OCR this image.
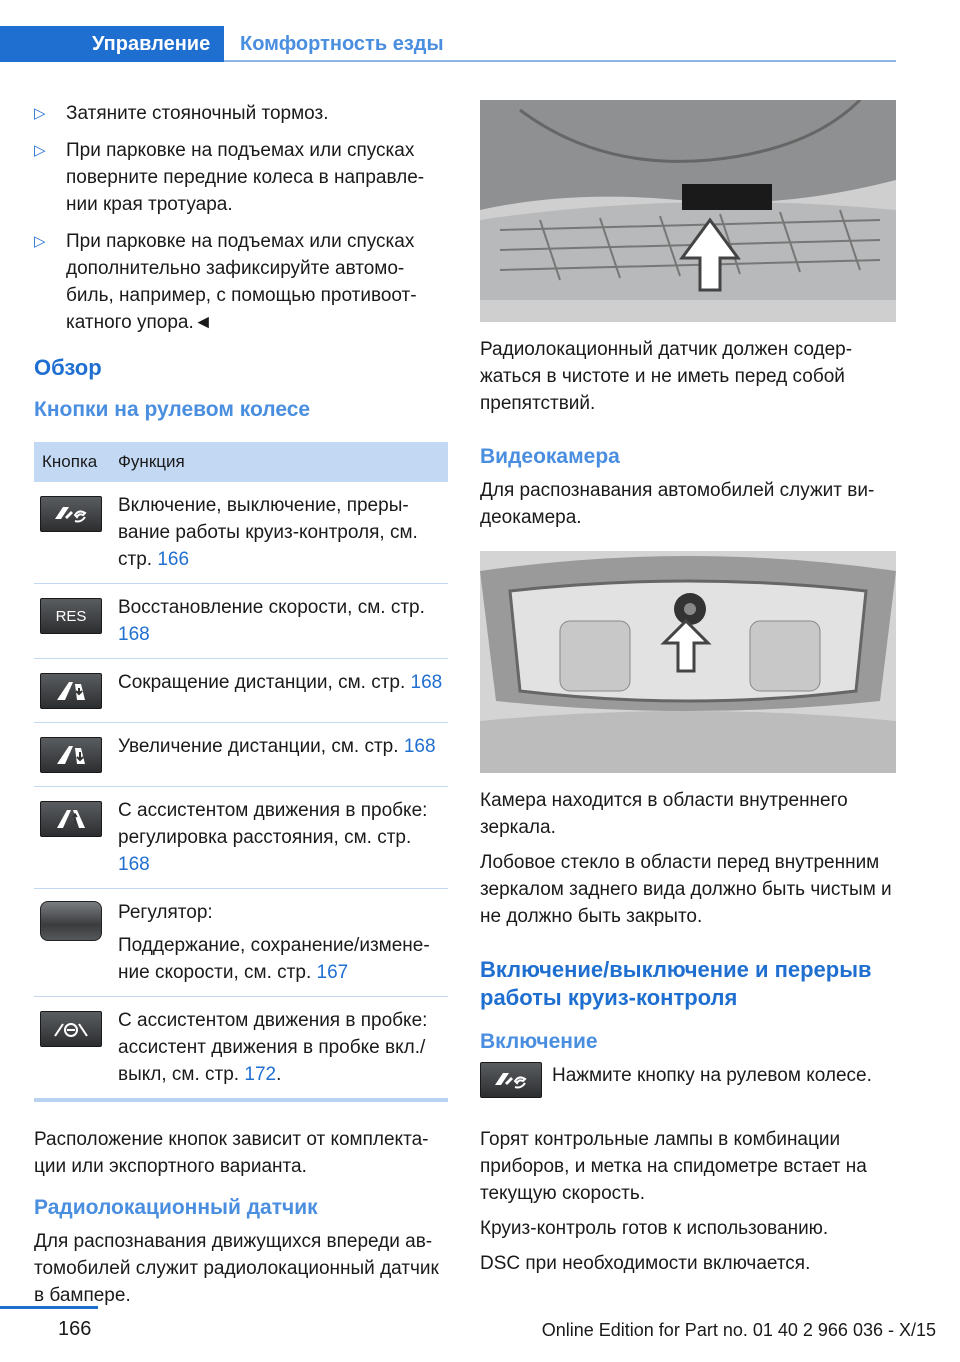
Управление	Комфортность езды
▷ Затяните стояночный тормоз.
▷ При парковке на подъемах или спусках поверните передние колеса в направле‐ нии края тротуара.
▷ При парковке на подъемах или спусках дополнительно зафиксируйте автомо‐ биль, например, с помощью противоот‐ катного упора.◄
Обзор
Кнопки на рулевом колесе
Кнопка Функция
Включение, выключение, преры‐ вание работы круиз-контроля, см. стр. 166
RES	Восстановление скорости, см. стр. 168
Сокращение дистанции, см. стр. 168
Увеличение дистанции, см. стр. 168
С ассистентом движения в пробке: регулировка расстояния, см. стр. 168
Регулятор:
Поддержание, сохранение/измене‐ ние скорости, см. стр. 167
С ассистентом движения в пробке: ассистент движения в пробке вкл./ выкл, см. стр. 172.
Расположение кнопок зависит от комплекта‐ ции или экспортного варианта.
Радиолокационный датчик
Для распознавания движущихся впереди ав‐ томобилей служит радиолокационный датчик в бампере.
Радиолокационный датчик должен содер‐ жаться в чистоте и не иметь перед собой препятствий.
Видеокамера
Для распознавания автомобилей служит ви‐ деокамера.
Камера находится в области внутреннего зеркала.
Лобовое стекло в области перед внутренним зеркалом заднего вида должно быть чистым и не должно быть закрыто.
Включение/выключение и перерыв работы круиз-контроля
Включение
Нажмите кнопку на рулевом колесе.
Горят контрольные лампы в комбинации приборов, и метка на спидометре встает на текущую скорость.
Круиз-контроль готов к использованию.
DSC при необходимости включается.
166	Online Edition for Part no. 01 40 2 966 036 - X/15
